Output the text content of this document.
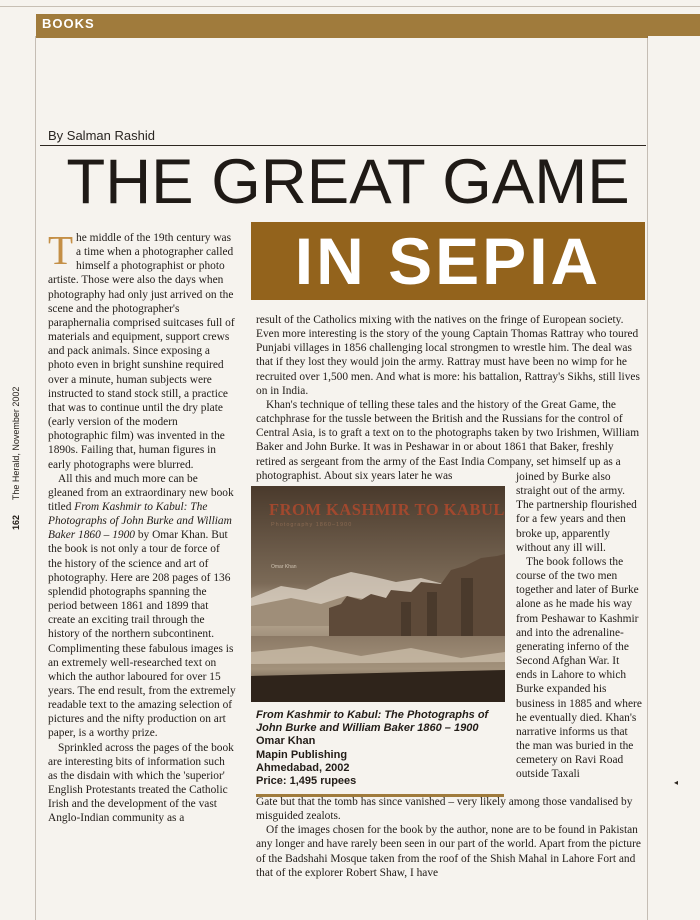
BOOKS
By Salman Rashid
THE GREAT GAME
IN SEPIA
162      The Herald, November 2002

The middle of the 19th century was a time when a photographer called himself a photographist or photo artiste. Those were also the days when photography had only just arrived on the scene and the photographer's paraphernalia comprised suitcases full of materials and equipment, support crews and pack animals. Since exposing a photo even in bright sunshine required over a minute, human subjects were instructed to stand stock still, a practice that was to continue until the dry plate (early version of the modern photographic film) was invented in the 1890s. Failing that, human figures in early photographs were blurred.

All this and much more can be gleaned from an extraordinary new book titled From Kashmir to Kabul: The Photographs of John Burke and William Baker 1860 – 1900 by Omar Khan. But the book is not only a tour de force of the history of the science and art of photography. Here are 208 pages of 136 splendid photographs spanning the period between 1861 and 1899 that create an exciting trail through the history of the northern subcontinent. Complimenting these fabulous images is an extremely well-researched text on which the author laboured for over 15 years. The end result, from the extremely readable text to the amazing selection of pictures and the nifty production on art paper, is a worthy prize.

Sprinkled across the pages of the book are interesting bits of information such as the disdain with which the 'superior' English Protestants treated the Catholic Irish and the development of the vast Anglo-Indian community as a

result of the Catholics mixing with the natives on the fringe of European society. Even more interesting is the story of the young Captain Thomas Rattray who toured Punjabi villages in 1856 challenging local strongmen to wrestle him. The deal was that if they lost they would join the army. Rattray must have been no wimp for he recruited over 1,500 men. And what is more: his battalion, Rattray's Sikhs, still lives on in India.

Khan's technique of telling these tales and the history of the Great Game, the catchphrase for the tussle between the British and the Russians for the control of Central Asia, is to graft a text on to the photographs taken by two Irishmen, William Baker and John Burke. It was in Peshawar in or about 1861 that Baker, freshly retired as sergeant from the army of the East India Company, set himself up as a photographist. About six years later he was

FROM KASHMIR TO KABUL
Photography 1860–1900
Omar Khan
From Kashmir to Kabul: The Photographs of John Burke and William Baker 1860 – 1900
Omar Khan
Mapin Publishing
Ahmedabad, 2002
Price: 1,495 rupees

joined by Burke also straight out of the army. The partnership flourished for a few years and then broke up, apparently without any ill will.

The book follows the course of the two men together and later of Burke alone as he made his way from Peshawar to Kashmir and into the adrenaline-generating inferno of the Second Afghan War. It ends in Lahore to which Burke expanded his business in 1885 and where he eventually died. Khan's narrative informs us that the man was buried in the cemetery on Ravi Road outside Taxali

Gate but that the tomb has since vanished – very likely among those vandalised by misguided zealots.

Of the images chosen for the book by the author, none are to be found in Pakistan any longer and have rarely been seen in our part of the world. Apart from the picture of the Badshahi Mosque taken from the roof of the Shish Mahal in Lahore Fort and that of the explorer Robert Shaw, I have

◂
